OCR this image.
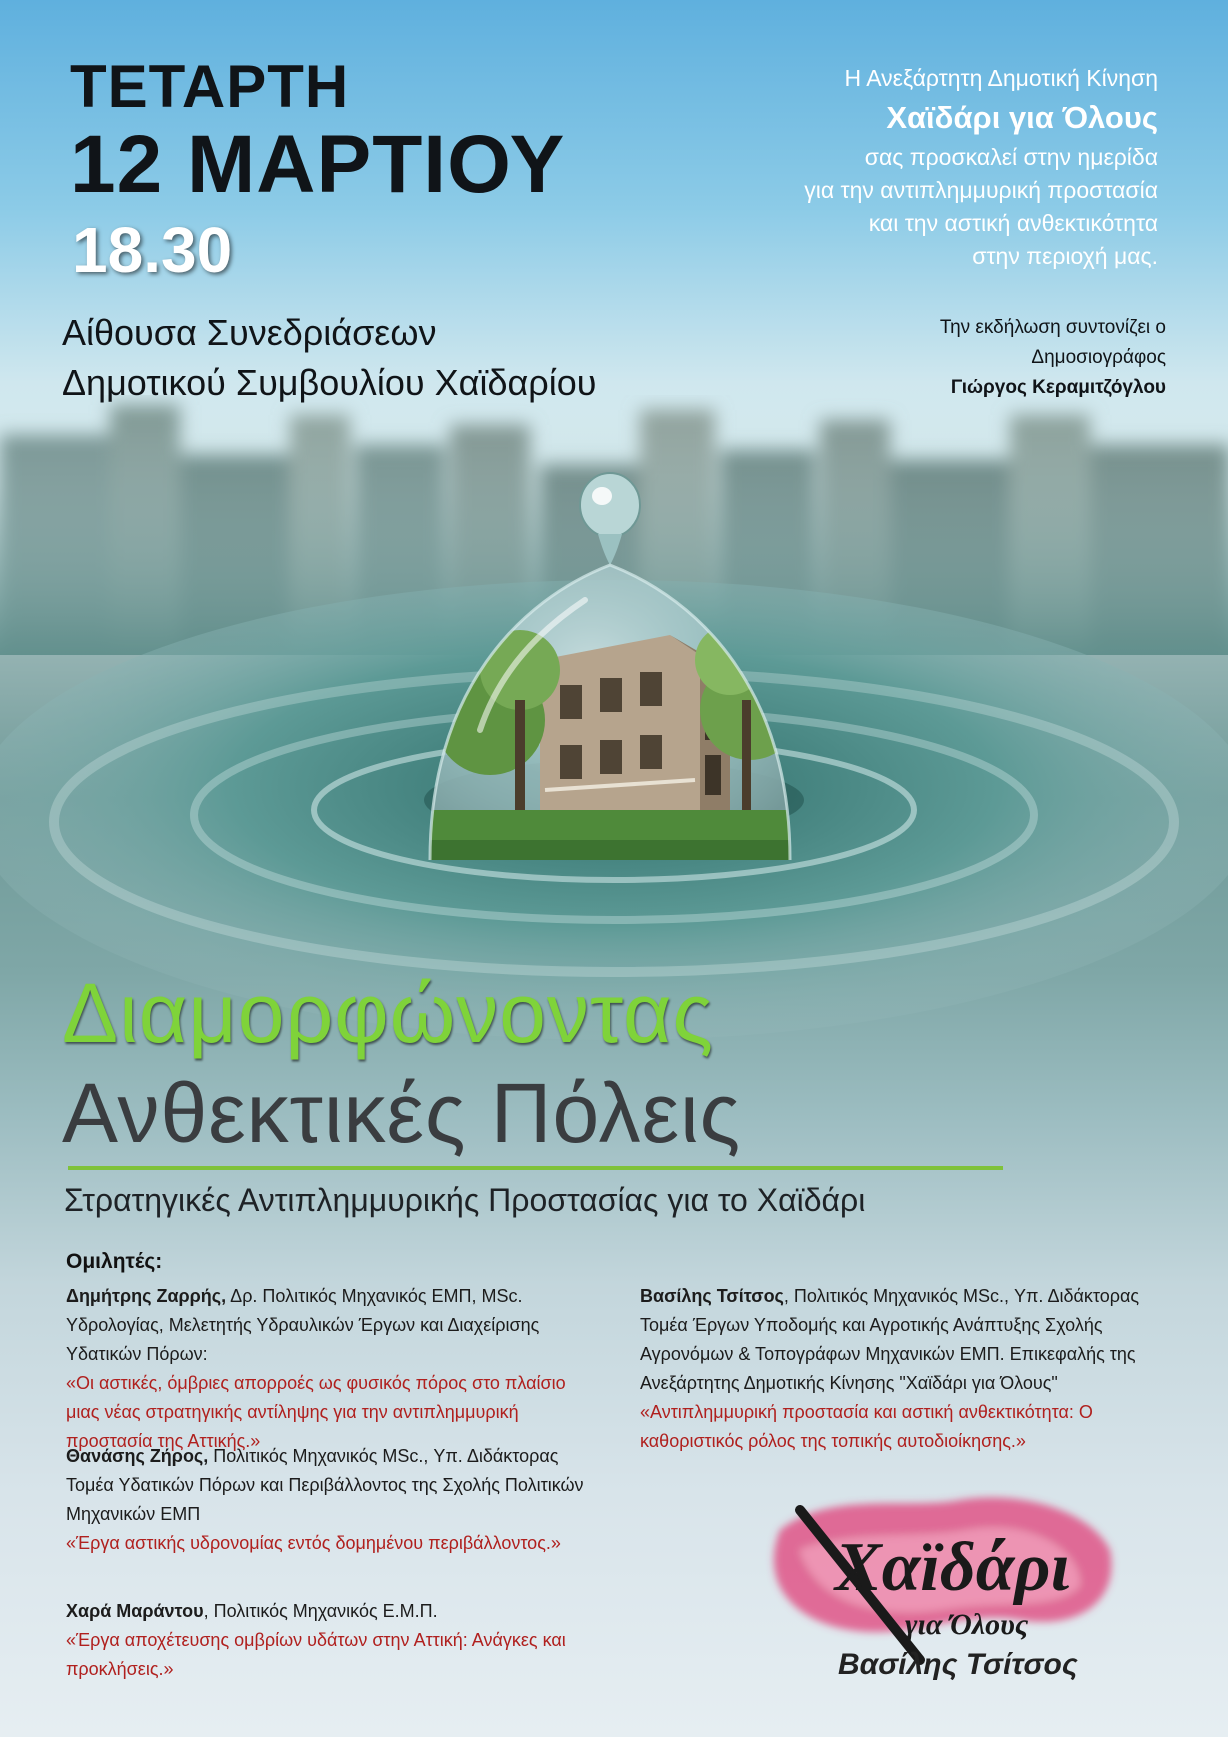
ΤΕΤΑΡΤΗ

12 ΜΑΡΤΙΟΥ

18.30

Αίθουσα Συνεδριάσεων
Δημοτικού Συμβουλίου Χαϊδαρίου

Η Ανεξάρτητη Δημοτική Κίνηση
Χαϊδάρι για Όλους
σας προσκαλεί στην ημερίδα
για την αντιπλημμυρική προστασία
και την αστική ανθεκτικότητα
στην περιοχή μας.

Την εκδήλωση συντονίζει ο
Δημοσιογράφος
Γιώργος Κεραμιτζόγλου

Διαμορφώνοντας

Ανθεκτικές Πόλεις

Στρατηγικές Αντιπλημμυρικής Προστασίας για το Χαϊδάρι

Ομιλητές:

Δημήτρης Ζαρρής, Δρ. Πολιτικός Μηχανικός ΕΜΠ, MSc. Υδρολογίας, Μελετητής Υδραυλικών Έργων και Διαχείρισης Υδατικών Πόρων:
«Οι αστικές, όμβριες απορροές ως φυσικός πόρος στο πλαίσιο μιας νέας στρατηγικής αντίληψης για την αντιπλημμυρική προστασία της Αττικής.»

Θανάσης Ζήρος, Πολιτικός Μηχανικός MSc., Υπ. Διδάκτορας Τομέα Υδατικών Πόρων και Περιβάλλοντος της Σχολής Πολιτικών Μηχανικών ΕΜΠ
«Έργα αστικής υδρονομίας εντός δομημένου περιβάλλοντος.»

Χαρά Μαράντου, Πολιτικός Μηχανικός Ε.Μ.Π.
«Έργα αποχέτευσης ομβρίων υδάτων στην Αττική: Ανάγκες και προκλήσεις.»

Βασίλης Τσίτσος, Πολιτικός Μηχανικός MSc., Υπ. Διδάκτορας Τομέα Έργων Υποδομής και Αγροτικής Ανάπτυξης Σχολής Αγρονόμων & Τοπογράφων Μηχανικών ΕΜΠ. Επικεφαλής της Ανεξάρτητης Δημοτικής Κίνησης "Χαϊδάρι για Όλους"
«Αντιπλημμυρική προστασία και αστική ανθεκτικότητα: Ο καθοριστικός ρόλος της τοπικής αυτοδιοίκησης.»

Χαϊδάρι

για Όλους

Βασίλης Τσίτσος
